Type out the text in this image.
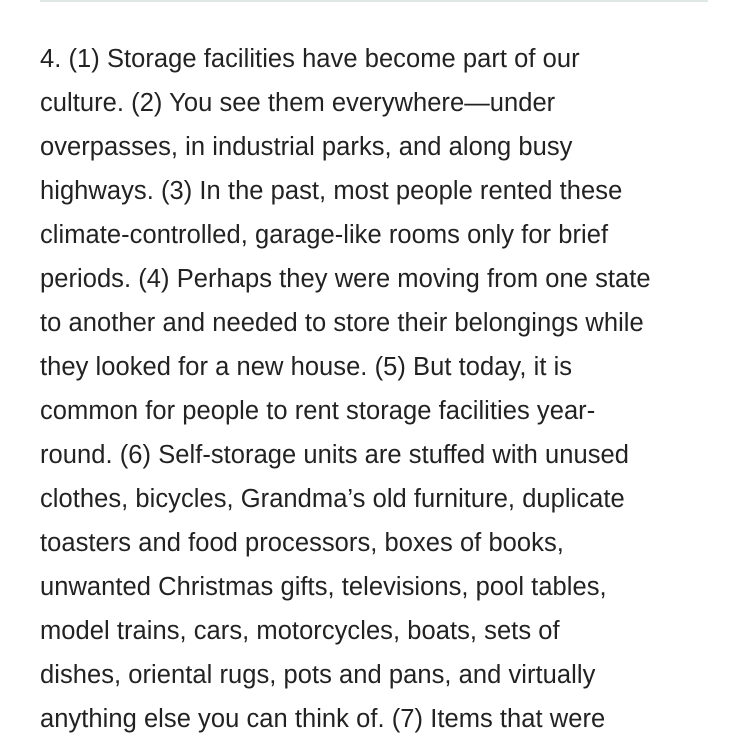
4. (1) Storage facilities have become part of our
culture. (2) You see them everywhere—under
overpasses, in industrial parks, and along busy
highways. (3) In the past, most people rented these
climate-controlled, garage-like rooms only for brief
periods. (4) Perhaps they were moving from one state
to another and needed to store their belongings while
they looked for a new house. (5) But today, it is
common for people to rent storage facilities year-
round. (6) Self-storage units are stuffed with unused
clothes, bicycles, Grandma’s old furniture, duplicate
toasters and food processors, boxes of books,
unwanted Christmas gifts, televisions, pool tables,
model trains, cars, motorcycles, boats, sets of
dishes, oriental rugs, pots and pans, and virtually
anything else you can think of. (7) Items that were
